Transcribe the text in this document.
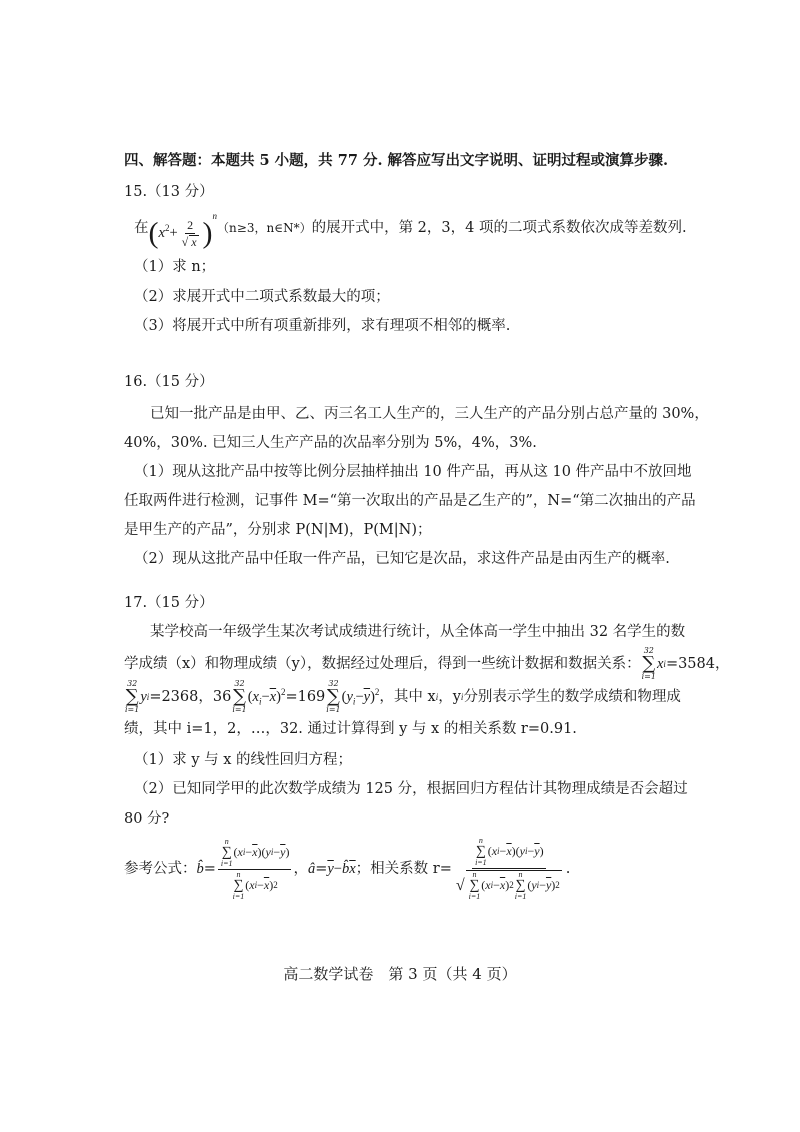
四、解答题：本题共 5 小题，共 77 分. 解答应写出文字说明、证明过程或演算步骤.
15.（13 分）
在 $(x^2+ \frac{2}{√ x} )^n$
（n≥3，n∈N*） 的展开式中，第 2，3，4 项的二项式系数依次成等差数列.
（1）求 n；
（2）求展开式中二项式系数最大的项；
（3）将展开式中所有项重新排列，求有理项不相邻的概率.
16.（15 分）
已知一批产品是由甲、乙、丙三名工人生产的，三人生产的产品分别占总产量的 30%，
40%，30%. 已知三人生产产品的次品率分别为 5%，4%，3%.
（1）现从这批产品中按等比例分层抽样抽出 10 件产品，再从这 10 件产品中不放回地
任取两件进行检测，记事件 M=“第一次取出的产品是乙生产的”，N=“第二次抽出的产品
是甲生产的产品”，分别求 P(N|M)，P(M|N)；
（2）现从这批产品中任取一件产品，已知它是次品，求这件产品是由丙生产的概率.
17.（15 分）
某学校高一年级学生某次考试成绩进行统计，从全体高一学生中抽出 32 名学生的数
学成绩（x）和物理成绩（y），数据经过处理后，得到一些统计数据和数据关系：
32
∑
i=1
x i =3584，
32
∑
i=1
y i =2368，36
32
∑
i=1
$(x_i-\overline{x})^2 =169$
32
∑
i=1
$(y_i-\overline{y})^2$ ，其中 x i ，y i 分别表示学生的数学成绩和物理成
绩，其中 i=1，2，…，32. 通过计算得到 y 与 x 的相关系数 r=0.91.
（1）求 y 与 x 的线性回归方程；
（2）已知同学甲的此次数学成绩为 125 分，根据回归方程估计其物理成绩是否会超过
80 分?
参考公式： b̂ = n
∑
i=1
( x $i - \overline{x}$ )( y $i - \overline{y}$ )
n
∑
i=1
( x $i - \overline{x}$ ) 2 ， â = $\overline{y}-b̂\overline{x}$ ；相关系数 r=
n
∑
i=1
( x $i - \overline{x}$ )( y $i - \overline{y}$ )
√
n
∑
i=1
( x $i - \overline{x}$ ) 2
n
∑
i=1
( y $i - \overline{y}$ ) 2
.
高二数学试卷　第 3 页（共 4 页）
